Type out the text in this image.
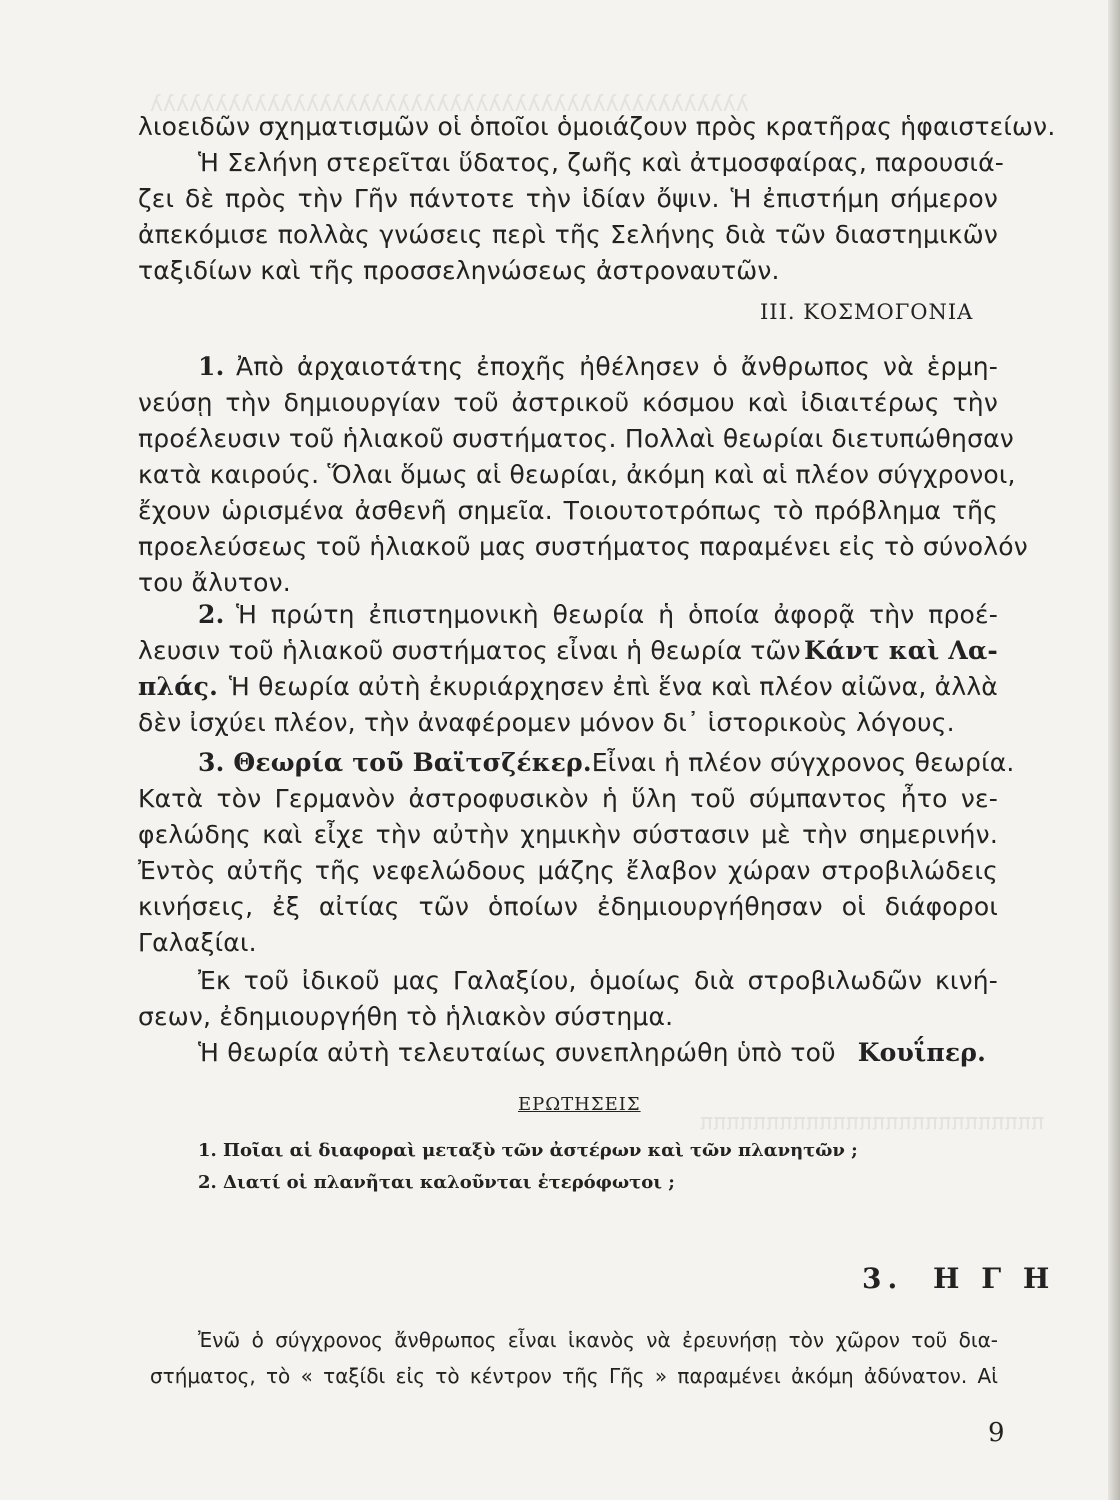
λλλλλλλλλλλλλλλλλλλλλλλλλλλλλλλλλλλλλλλλλλλλλλ
ππππππππππππππππππππππππππ
λιοειδῶν σχηματισμῶν οἱ ὁποῖοι ὁμοιάζουν πρὸς κρατῆρας ἡφαιστείων.
Ἡ Σελήνη στερεῖται ὕδατος, ζωῆς καὶ ἀτμοσφαίρας, παρουσιά-
ζει δὲ πρὸς τὴν Γῆν πάντοτε τὴν ἰδίαν ὄψιν. Ἡ ἐπιστήμη σήμερον
ἀπεκόμισε πολλὰς γνώσεις περὶ τῆς Σελήνης διὰ τῶν διαστημικῶν
ταξιδίων καὶ τῆς προσσεληνώσεως ἀστροναυτῶν.
III. ΚΟΣΜΟΓΟΝΙΑ
1. Ἀπὸ ἀρχαιοτάτης ἐποχῆς ἠθέλησεν ὁ ἄνθρωπος νὰ ἑρμη-
νεύσῃ τὴν δημιουργίαν τοῦ ἀστρικοῦ κόσμου καὶ ἰδιαιτέρως τὴν
προέλευσιν τοῦ ἡλιακοῦ συστήματος. Πολλαὶ θεωρίαι διετυπώθησαν
κατὰ καιρούς. Ὅλαι ὅμως αἱ θεωρίαι, ἀκόμη καὶ αἱ πλέον σύγχρονοι,
ἔχουν ὡρισμένα ἀσθενῆ σημεῖα. Τοιουτοτρόπως τὸ πρόβλημα τῆς
προελεύσεως τοῦ ἡλιακοῦ μας συστήματος παραμένει εἰς τὸ σύνολόν
του ἄλυτον.
2. Ἡ πρώτη ἐπιστημονικὴ θεωρία ἡ ὁποία ἀφορᾷ τὴν προέ-
λευσιν τοῦ ἡλιακοῦ συστήματος εἶναι ἡ θεωρία τῶν Κάντ καὶ Λα-
πλάς. Ἡ θεωρία αὐτὴ ἐκυριάρχησεν ἐπὶ ἕνα καὶ πλέον αἰῶνα, ἀλλὰ
δὲν ἰσχύει πλέον, τὴν ἀναφέρομεν μόνον δι᾽ ἱστορικοὺς λόγους.
3. Θεωρία τοῦ Βαϊτσζέκερ. Εἶναι ἡ πλέον σύγχρονος θεωρία.
Κατὰ τὸν Γερμανὸν ἀστροφυσικὸν ἡ ὕλη τοῦ σύμπαντος ἦτο νε-
φελώδης καὶ εἶχε τὴν αὐτὴν χημικὴν σύστασιν μὲ τὴν σημερινήν.
Ἐντὸς αὐτῆς τῆς νεφελώδους μάζης ἔλαβον χώραν στροβιλώδεις
κινήσεις, ἐξ αἰτίας τῶν ὁποίων ἐδημιουργήθησαν οἱ διάφοροι
Γαλαξίαι.
Ἐκ τοῦ ἰδικοῦ μας Γαλαξίου, ὁμοίως διὰ στροβιλωδῶν κινή-
σεων, ἐδημιουργήθη τὸ ἡλιακὸν σύστημα.
Ἡ θεωρία αὐτὴ τελευταίως συνεπληρώθη ὑπὸ τοῦ Κουΐπερ.
ΕΡΩΤΗΣΕΙΣ
1. Ποῖαι αἱ διαφοραὶ μεταξὺ τῶν ἀστέρων καὶ τῶν πλανητῶν ;
2. Διατί οἱ πλανῆται καλοῦνται ἑτερόφωτοι ;
3. Η Γ Η
Ἐνῶ ὁ σύγχρονος ἄνθρωπος εἶναι ἱκανὸς νὰ ἐρευνήσῃ τὸν χῶρον τοῦ δια-
στήματος, τὸ « ταξίδι εἰς τὸ κέντρον τῆς Γῆς » παραμένει ἀκόμη ἀδύνατον. Αἱ
9
